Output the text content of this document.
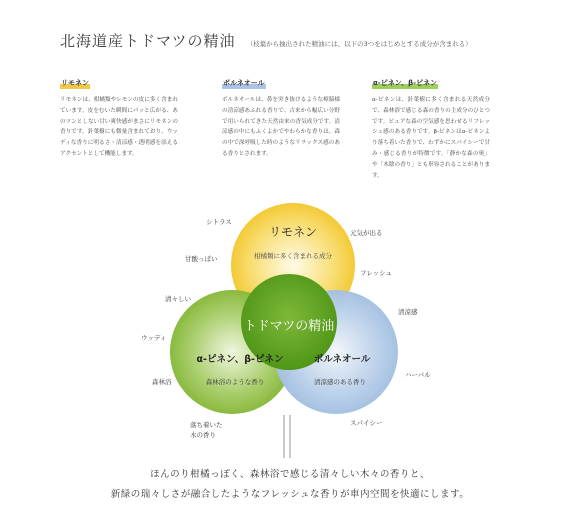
北海道産トドマツの精油 （枝葉から抽出された精油には、以下の3つをはじめとする成分が含まれる）
リモネン
リモネンは、柑橘類やレモンの皮に多く含まれています。皮をむいた瞬間にパッと広がる、あのツンとしない甘い爽快感がまさにリモネンの香りです。針葉樹にも微量含まれており、ウッディな香りに明るさ・清涼感・透明感を添えるアクセントとして機能します。
ボルネオール
ボルネオールは、鼻を突き抜けるような樟脳様の清涼感あふれる香りで、古来から幅広い分野で用いられてきた天然由来の香気成分です。清涼感の中にもふくよかでやわらかな香りは、森の中で深呼吸した時のようなリラックス感のある香りとされます。
α-ピネン、β-ピネン
α-ピネンは、針葉樹に多く含まれる天然成分で、森林浴で感じる森の香りの主成分のひとつです。ピュアな森の空気感を思わせるリフレッシュ感のある香りです。β-ピネンはα-ピネンより落ち着いた香りで、わずかにスパイシーで甘み・感じる香りが特徴です。「静かな森の奥」や「木陰の香り」とも形容されることがあります。
リモネン
柑橘類に多く含まれる成分
トドマツの精油
α-ピネン、β-ピネン
森林浴のような香り
ボルネオール
清涼感のある香り
シトラス
甘酸っぱい
清々しい
ウッディ
森林浴
落ち着いた 木の香り
元気が出る
フレッシュ
清涼感
ハーバル
スパイシー
ほんのり柑橘っぽく、森林浴で感じる清々しい木々の香りと、
新緑の瑞々しさが融合したようなフレッシュな香りが車内空間を快適にします。
